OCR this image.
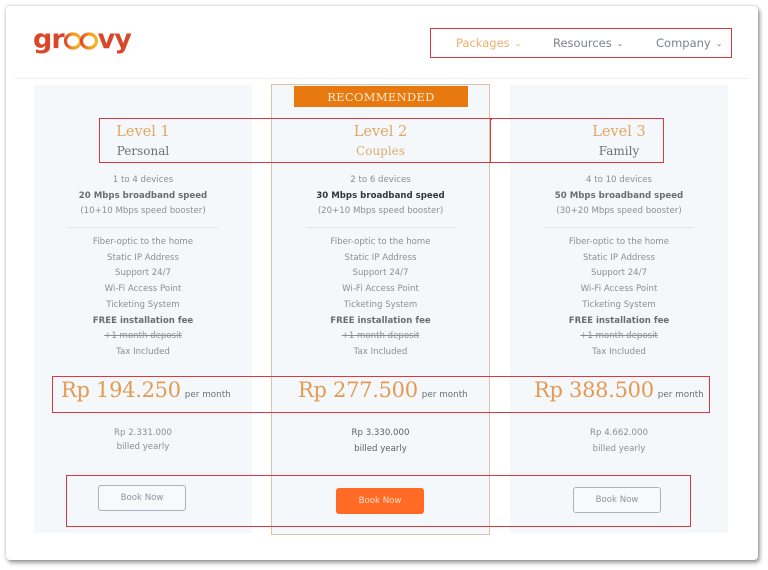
gr vy	Packages ⌄	Resources ⌄	Company ⌄
RECOMMENDED
Level 1
Personal
Level 2
Couples
Level 3
Family
1 to 4 devices
20 Mbps broadband speed
(10+10 Mbps speed booster)
Fiber-optic to the home
Static IP Address
Support 24/7
Wi-Fi Access Point
Ticketing System
FREE installation fee
+1 month deposit
Tax Included
2 to 6 devices
30 Mbps broadband speed
(20+10 Mbps speed booster)
Fiber-optic to the home
Static IP Address
Support 24/7
Wi-Fi Access Point
Ticketing System
FREE installation fee
+1 month deposit
Tax Included
4 to 10 devices
50 Mbps broadband speed
(30+20 Mbps speed booster)
Fiber-optic to the home
Static IP Address
Support 24/7
Wi-Fi Access Point
Ticketing System
FREE installation fee
+1 month deposit
Tax Included
Rp 194.250 per month	Rp 277.500 per month	Rp 388.500 per month
Rp 2.331.000
billed yearly
Rp 3.330.000
billed yearly
Rp 4.662.000
billed yearly
Book Now	Book Now	Book Now
